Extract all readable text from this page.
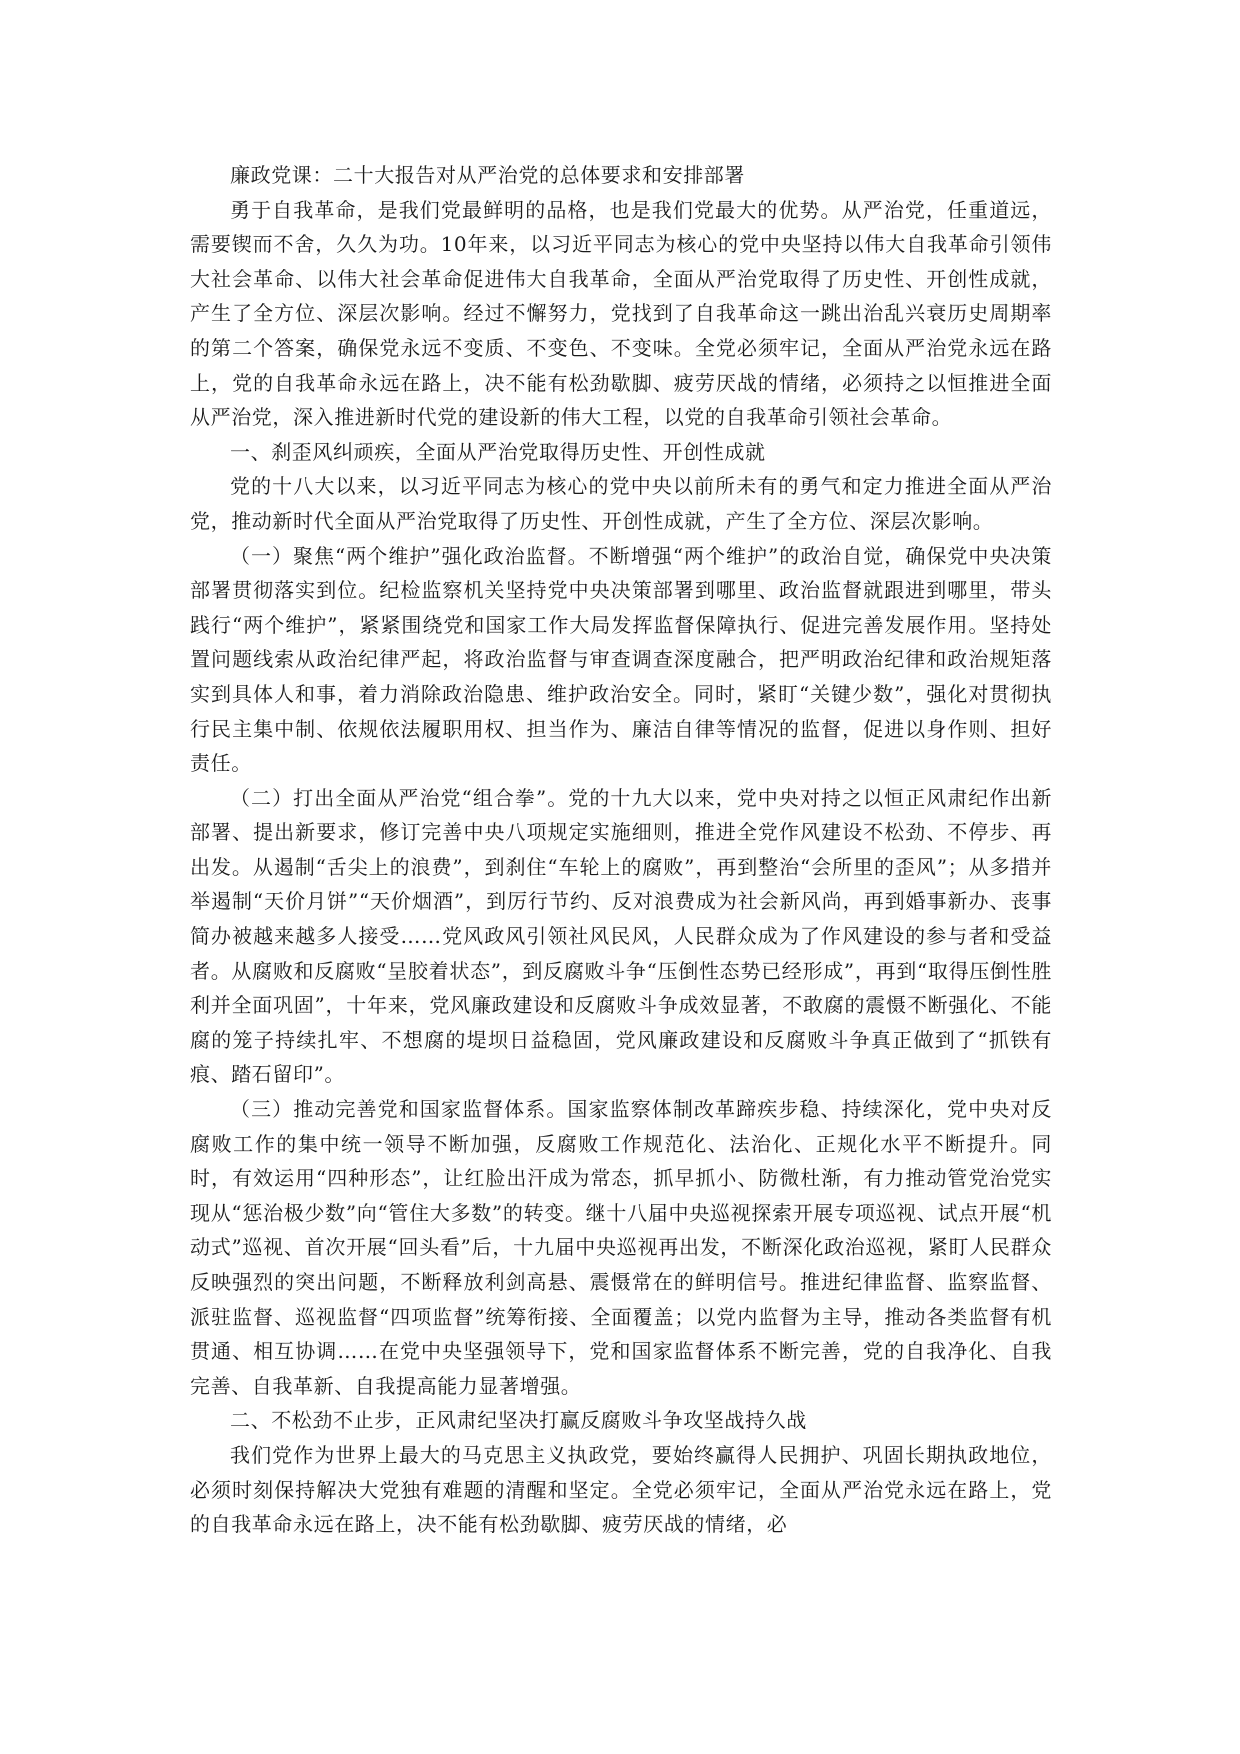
廉政党课：二十大报告对从严治党的总体要求和安排部署

勇于自我革命，是我们党最鲜明的品格，也是我们党最大的优势。从严治党，任重道远，需要锲而不舍，久久为功。10年来，以习近平同志为核心的党中央坚持以伟大自我革命引领伟大社会革命、以伟大社会革命促进伟大自我革命，全面从严治党取得了历史性、开创性成就，产生了全方位、深层次影响。经过不懈努力，党找到了自我革命这一跳出治乱兴衰历史周期率的第二个答案，确保党永远不变质、不变色、不变味。全党必须牢记，全面从严治党永远在路上，党的自我革命永远在路上，决不能有松劲歇脚、疲劳厌战的情绪，必须持之以恒推进全面从严治党，深入推进新时代党的建设新的伟大工程，以党的自我革命引领社会革命。

一、刹歪风纠顽疾，全面从严治党取得历史性、开创性成就

党的十八大以来，以习近平同志为核心的党中央以前所未有的勇气和定力推进全面从严治党，推动新时代全面从严治党取得了历史性、开创性成就，产生了全方位、深层次影响。

（一）聚焦“两个维护”强化政治监督。不断增强“两个维护”的政治自觉，确保党中央决策部署贯彻落实到位。纪检监察机关坚持党中央决策部署到哪里、政治监督就跟进到哪里，带头践行“两个维护”，紧紧围绕党和国家工作大局发挥监督保障执行、促进完善发展作用。坚持处置问题线索从政治纪律严起，将政治监督与审查调查深度融合，把严明政治纪律和政治规矩落实到具体人和事，着力消除政治隐患、维护政治安全。同时，紧盯“关键少数”，强化对贯彻执行民主集中制、依规依法履职用权、担当作为、廉洁自律等情况的监督，促进以身作则、担好责任。

（二）打出全面从严治党“组合拳”。党的十九大以来，党中央对持之以恒正风肃纪作出新部署、提出新要求，修订完善中央八项规定实施细则，推进全党作风建设不松劲、不停步、再出发。从遏制“舌尖上的浪费”，到刹住“车轮上的腐败”，再到整治“会所里的歪风”；从多措并举遏制“天价月饼”“天价烟酒”，到厉行节约、反对浪费成为社会新风尚，再到婚事新办、丧事简办被越来越多人接受……党风政风引领社风民风，人民群众成为了作风建设的参与者和受益者。从腐败和反腐败“呈胶着状态”，到反腐败斗争“压倒性态势已经形成”，再到“取得压倒性胜利并全面巩固”，十年来，党风廉政建设和反腐败斗争成效显著，不敢腐的震慑不断强化、不能腐的笼子持续扎牢、不想腐的堤坝日益稳固，党风廉政建设和反腐败斗争真正做到了“抓铁有痕、踏石留印”。

（三）推动完善党和国家监督体系。国家监察体制改革蹄疾步稳、持续深化，党中央对反腐败工作的集中统一领导不断加强，反腐败工作规范化、法治化、正规化水平不断提升。同时，有效运用“四种形态”，让红脸出汗成为常态，抓早抓小、防微杜渐，有力推动管党治党实现从“惩治极少数”向“管住大多数”的转变。继十八届中央巡视探索开展专项巡视、试点开展“机动式”巡视、首次开展“回头看”后，十九届中央巡视再出发，不断深化政治巡视，紧盯人民群众反映强烈的突出问题，不断释放利剑高悬、震慑常在的鲜明信号。推进纪律监督、监察监督、派驻监督、巡视监督“四项监督”统筹衔接、全面覆盖；以党内监督为主导，推动各类监督有机贯通、相互协调……在党中央坚强领导下，党和国家监督体系不断完善，党的自我净化、自我完善、自我革新、自我提高能力显著增强。

二、不松劲不止步，正风肃纪坚决打赢反腐败斗争攻坚战持久战

我们党作为世界上最大的马克思主义执政党，要始终赢得人民拥护、巩固长期执政地位，必须时刻保持解决大党独有难题的清醒和坚定。全党必须牢记，全面从严治党永远在路上，党的自我革命永远在路上，决不能有松劲歇脚、疲劳厌战的情绪，必
